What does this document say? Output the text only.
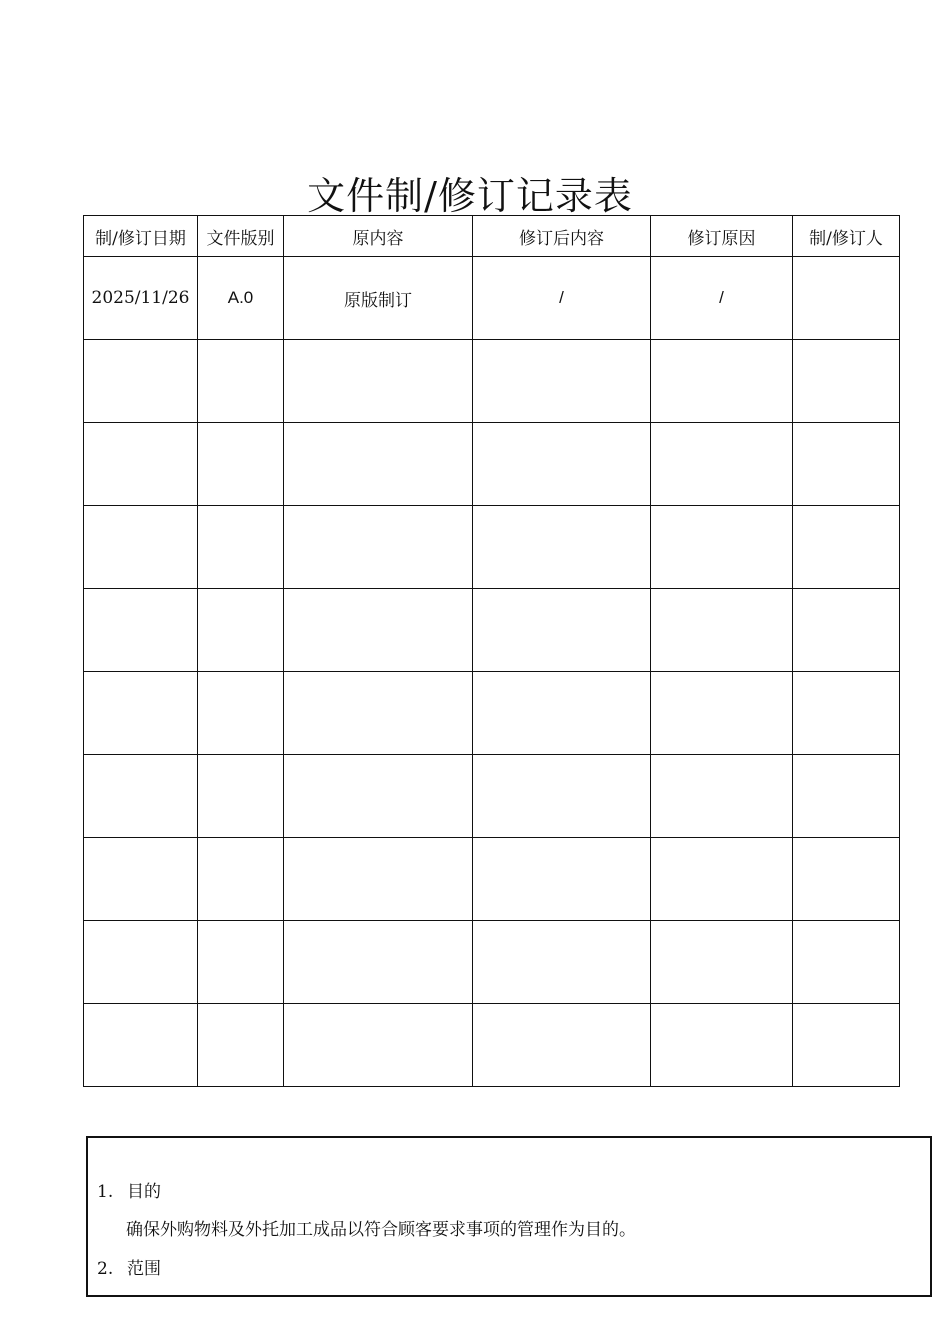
文件制/修订记录表
制/修订日期	文件版别	原内容	修订后内容	修订原因	制/修订人
2025/11/26	A.0	原版制订	/	/	

1. 目的
确保外购物料及外托加工成品以符合顾客要求事项的管理作为目的。
2. 范围
